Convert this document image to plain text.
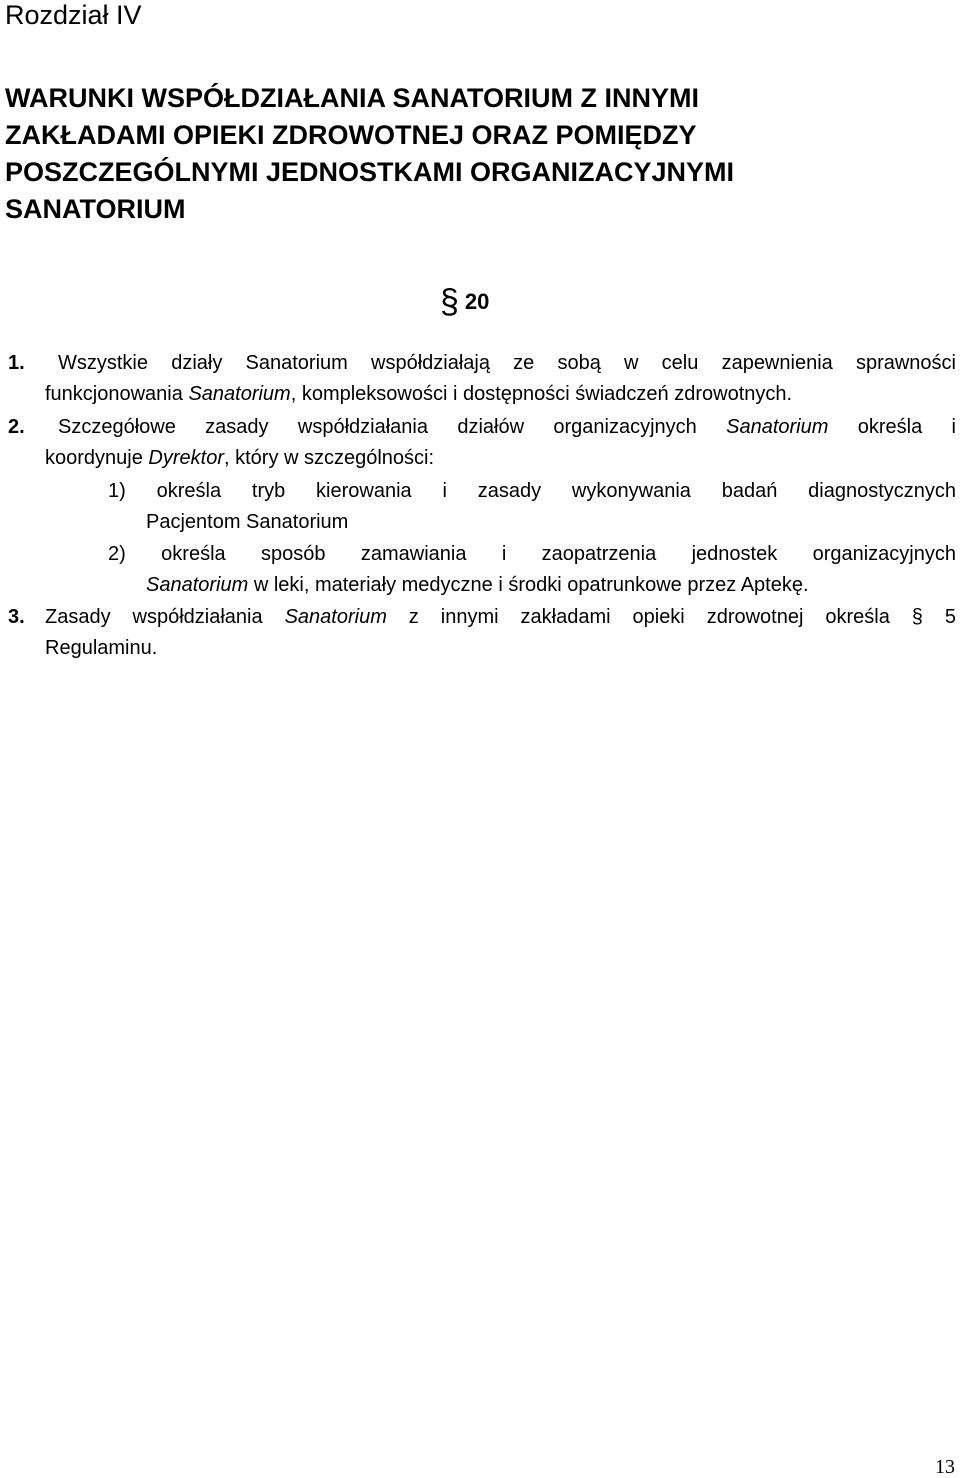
Rozdział IV
WARUNKI WSPÓŁDZIAŁANIA SANATORIUM Z INNYMI
ZAKŁADAMI OPIEKI ZDROWOTNEJ ORAZ POMIĘDZY
POSZCZEGÓLNYMI JEDNOSTKAMI ORGANIZACYJNYMI
SANATORIUM
§ 20
1. Wszystkie działy Sanatorium współdziałają ze sobą w celu zapewnienia sprawności
funkcjonowania Sanatorium, kompleksowości i dostępności świadczeń zdrowotnych.
2. Szczegółowe zasady współdziałania działów organizacyjnych Sanatorium określa i
koordynuje Dyrektor, który w szczególności:
1) określa tryb kierowania i zasady wykonywania badań diagnostycznych
Pacjentom Sanatorium
2) określa sposób zamawiania i zaopatrzenia jednostek organizacyjnych
Sanatorium w leki, materiały medyczne i środki opatrunkowe przez Aptekę.
3. Zasady współdziałania Sanatorium z innymi zakładami opieki zdrowotnej określa § 5
Regulaminu.
13
